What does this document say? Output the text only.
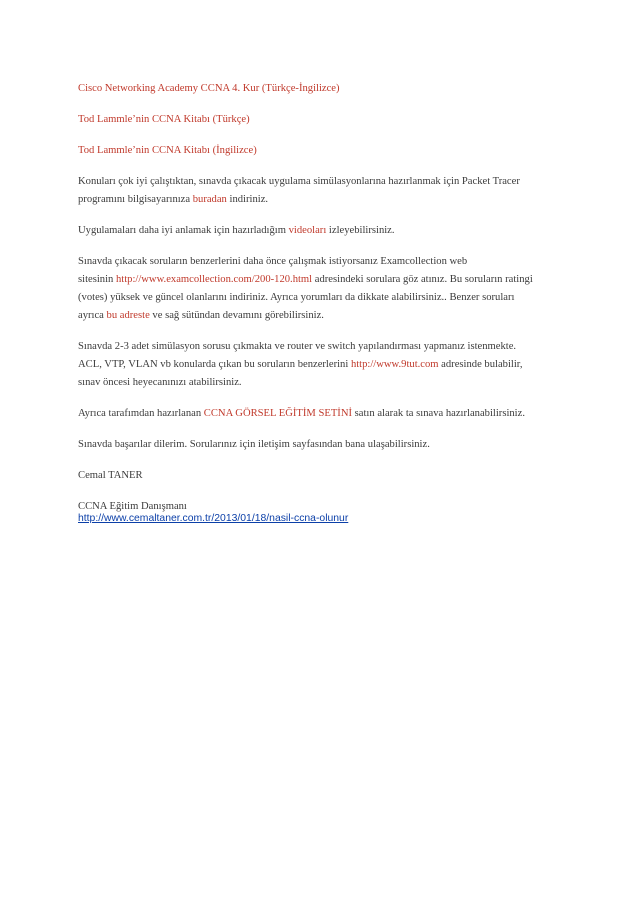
Cisco Networking Academy CCNA 4. Kur (Türkçe-İngilizce)

Tod Lammle’nin CCNA Kitabı (Türkçe)

Tod Lammle’nin CCNA Kitabı (İngilizce)

Konuları çok iyi çalıştıktan, sınavda çıkacak uygulama simülasyonlarına hazırlanmak için Packet Tracer
programını bilgisayarınıza buradan indiriniz.

Uygulamaları daha iyi anlamak için hazırladığım videoları izleyebilirsiniz.

Sınavda çıkacak soruların benzerlerini daha önce çalışmak istiyorsanız Examcollection web
sitesinin http://www.examcollection.com/200-120.html adresindeki sorulara göz atınız. Bu soruların ratingi
(votes) yüksek ve güncel olanlarını indiriniz. Ayrıca yorumları da dikkate alabilirsiniz.. Benzer soruları
ayrıca bu adreste ve sağ sütündan devamını görebilirsiniz.

Sınavda 2-3 adet simülasyon sorusu çıkmakta ve router ve switch yapılandırması yapmanız istenmekte.
ACL, VTP, VLAN vb konularda çıkan bu soruların benzerlerini http://www.9tut.com adresinde bulabilir,
sınav öncesi heyecanınızı atabilirsiniz.

Ayrıca tarafımdan hazırlanan CCNA GÖRSEL EĞİTİM SETİNİ satın alarak ta sınava hazırlanabilirsiniz.

Sınavda başarılar dilerim. Sorularınız için iletişim sayfasından bana ulaşabilirsiniz.

Cemal TANER

CCNA Eğitim Danışmanı

http://www.cemaltaner.com.tr/2013/01/18/nasil-ccna-olunur
